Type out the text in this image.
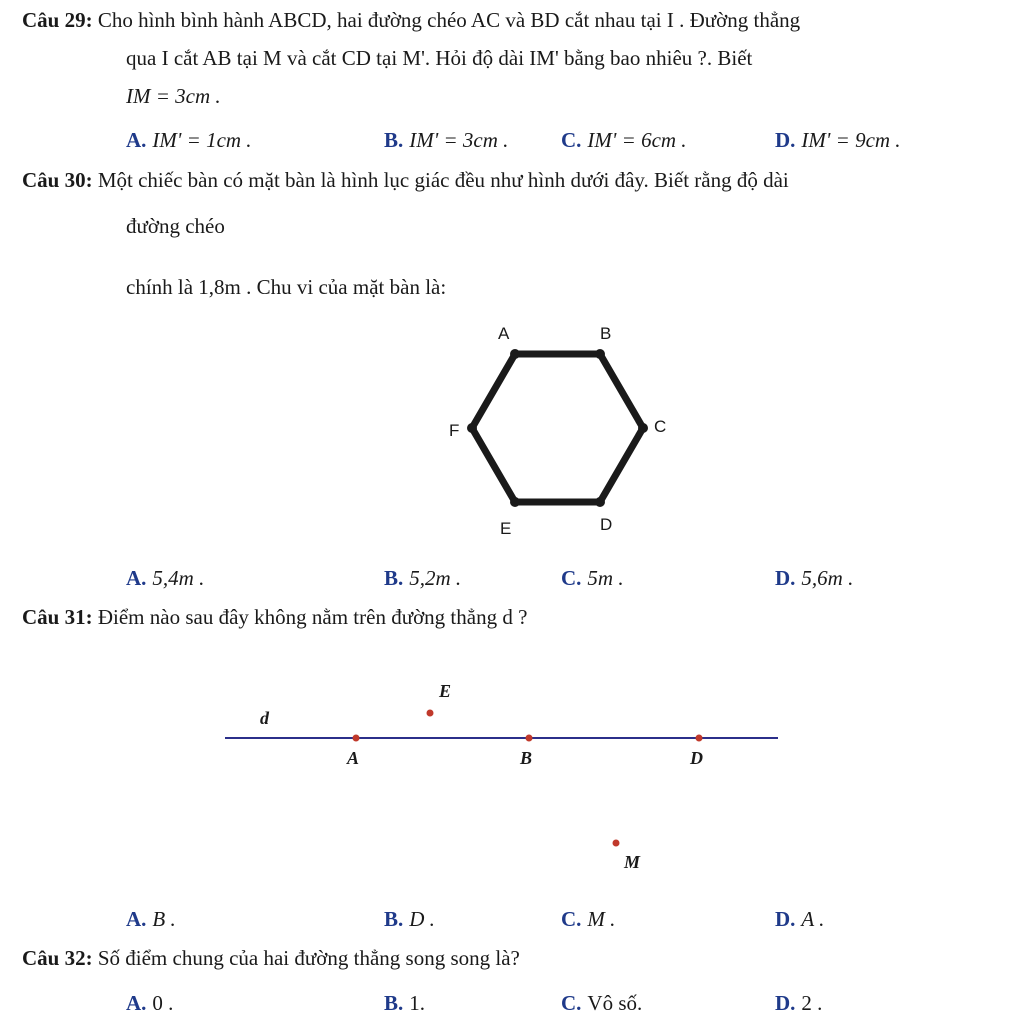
Câu 29: Cho hình bình hành ABCD, hai đường chéo AC và BD cắt nhau tại I . Đường thẳng
qua I cắt AB tại M và cắt CD tại M'. Hỏi độ dài IM' bằng bao nhiêu ?. Biết
IM = 3cm .
A. IM' = 1cm .	B. IM' = 3cm .	C. IM' = 6cm .	D. IM' = 9cm .
Câu 30: Một chiếc bàn có mặt bàn là hình lục giác đều như hình dưới đây. Biết rằng độ dài
đường chéo
chính là 1,8m . Chu vi của mặt bàn là:
A	B
C
D
E
F
A. 5,4m .	B. 5,2m .	C. 5m .	D. 5,6m .
Câu 31: Điểm nào sau đây không nằm trên đường thẳng d ?
d
E
A	B	D
M
A. B .	B. D .	C. M .	D. A .
Câu 32: Số điểm chung của hai đường thẳng song song là?
A. 0 .	B. 1.	C. Vô số.	D. 2 .
